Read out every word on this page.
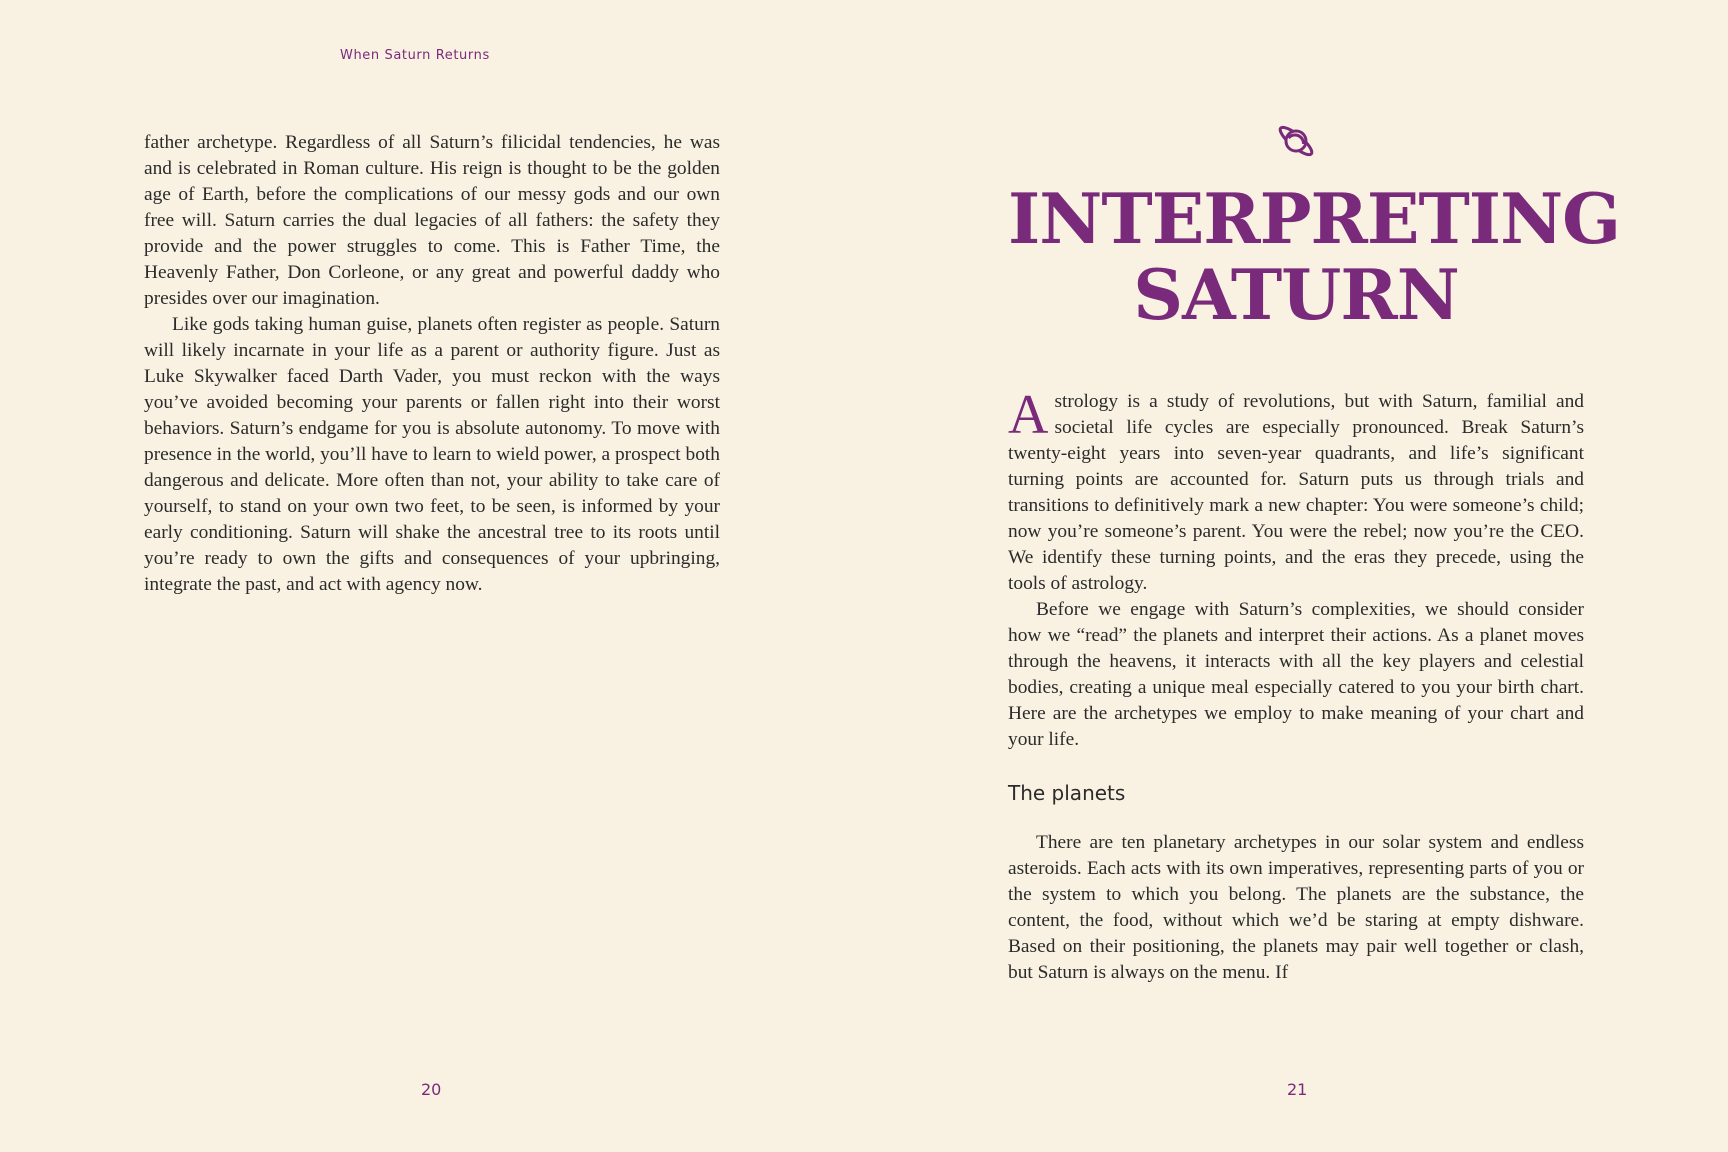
When Saturn Returns

father archetype. Regardless of all Saturn’s filicidal tendencies, he was and is celebrated in Roman culture. His reign is thought to be the golden age of Earth, before the complications of our messy gods and our own free will. Saturn carries the dual legacies of all fathers: the safety they provide and the power struggles to come. This is Father Time, the Heavenly Father, Don Corleone, or any great and powerful daddy who presides over our imagination.

Like gods taking human guise, planets often register as people. Saturn will likely incarnate in your life as a parent or authority figure. Just as Luke Skywalker faced Darth Vader, you must reckon with the ways you’ve avoided becoming your parents or fallen right into their worst behaviors. Saturn’s endgame for you is absolute autonomy. To move with presence in the world, you’ll have to learn to wield power, a prospect both dangerous and delicate. More often than not, your ability to take care of yourself, to stand on your own two feet, to be seen, is informed by your early conditioning. Saturn will shake the ancestral tree to its roots until you’re ready to own the gifts and consequences of your upbringing, integrate the past, and act with agency now.

INTERPRETING SATURN

Astrology is a study of revolutions, but with Saturn, familial and societal life cycles are especially pronounced. Break Saturn’s twenty-eight years into seven-year quadrants, and life’s significant turning points are accounted for. Saturn puts us through trials and transitions to definitively mark a new chapter: You were someone’s child; now you’re someone’s parent. You were the rebel; now you’re the CEO. We identify these turning points, and the eras they precede, using the tools of astrology.

Before we engage with Saturn’s complexities, we should consider how we “read” the planets and interpret their actions. As a planet moves through the heavens, it interacts with all the key players and celestial bodies, creating a unique meal especially catered to you your birth chart. Here are the archetypes we employ to make meaning of your chart and your life.

The planets

There are ten planetary archetypes in our solar system and endless asteroids. Each acts with its own imperatives, representing parts of you or the system to which you belong. The planets are the substance, the content, the food, without which we’d be staring at empty dishware. Based on their positioning, the planets may pair well together or clash, but Saturn is always on the menu. If

20	21
